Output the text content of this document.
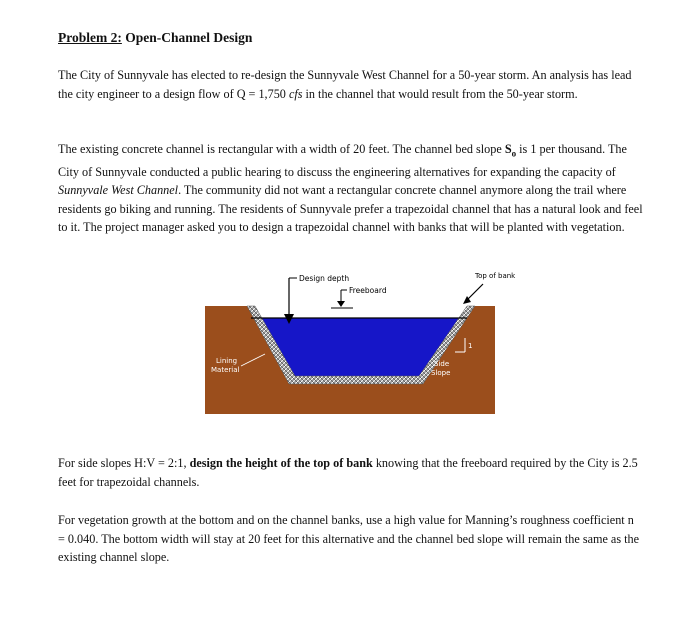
Problem 2: Open-Channel Design
The City of Sunnyvale has elected to re-design the Sunnyvale West Channel for a 50-year storm. An analysis has lead the city engineer to a design flow of Q = 1,750 cfs in the channel that would result from the 50-year storm.
The existing concrete channel is rectangular with a width of 20 feet. The channel bed slope $S_o$ is 1 per thousand. The City of Sunnyvale conducted a public hearing to discuss the engineering alternatives for expanding the capacity of Sunnyvale West Channel. The community did not want a rectangular concrete channel anymore along the trail where residents go biking and running. The residents of Sunnyvale prefer a trapezoidal channel that has a natural look and feel to it. The project manager asked you to design a trapezoidal channel with banks that will be planted with vegetation.
Design depth
Freeboard
Top of bank
1
Side
Slope
Lining
Material
For side slopes H:V = 2:1, design the height of the top of bank knowing that the freeboard required by the City is 2.5 feet for trapezoidal channels.
For vegetation growth at the bottom and on the channel banks, use a high value for Manning’s roughness coefficient n = 0.040. The bottom width will stay at 20 feet for this alternative and the channel bed slope will remain the same as the existing channel slope.
